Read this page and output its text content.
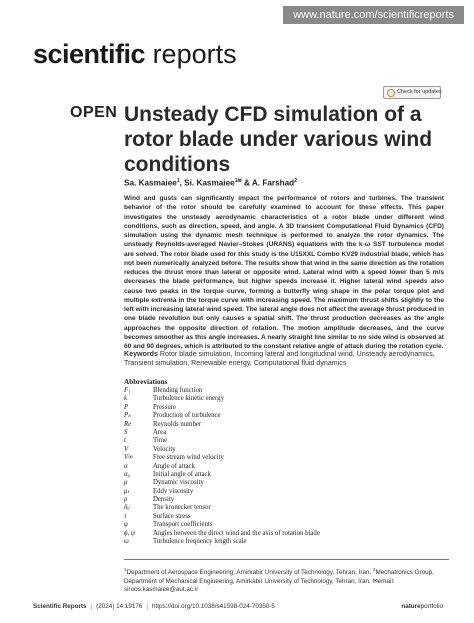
www.nature.com/scientificreports
scientific reports
OPEN
Check for updates
Unsteady CFD simulation of a rotor blade under various wind conditions
Sa. Kasmaiee$^1$, Si. Kasmaiee$^{1✉}$ & A. Farshad$^2$

Wind and gusts can significantly impact the performance of rotors and turbines. The transient behavior of the rotor should be carefully examined to account for these effects. This paper investigates the unsteady aerodynamic characteristics of a rotor blade under different wind conditions, such as direction, speed, and angle. A 3D transient Computational Fluid Dynamics (CFD) simulation using the dynamic mesh technique is performed to analyze the rotor dynamics. The unsteady Reynolds-averaged Navier–Stokes (URANS) equations with the k-ω SST turbulence model are solved. The rotor blade used for this study is the U15XXL Combo KV29 industrial blade, which has not been numerically analyzed before. The results show that wind in the same direction as the rotation reduces the thrust more than lateral or opposite wind. Lateral wind with a speed lower than 5 m/s decreases the blade performance, but higher speeds increase it. Higher lateral wind speeds also cause two peaks in the torque curve, forming a butterfly wing shape in the polar torque plot and multiple extrema in the torque curve with increasing speed. The maximum thrust shifts slightly to the left with increasing lateral wind speed. The lateral angle does not affect the average thrust produced in one blade revolution but only causes a spatial shift. The thrust production decreases as the angle approaches the opposite direction of rotation. The motion amplitude decreases, and the curve becomes smoother as this angle increases. A nearly straight line similar to no side wind is observed at 60 and 90 degrees, which is attributed to the constant relative angle of attack during the rotation cycle.

Keywords Rotor blade simulation, Incoming lateral and longitudinal wind, Unsteady aerodynamics, Transient simulation, Renewable energy, Computational fluid dynamics
Abbreviations
F₁	Blending function
k	Turbulence kinetic energy
P	Pressure
Pₖ	Production of turbulence
Re	Reynolds number
S	Area
t	Time
V	Velocity
V∞	Free stream wind velocity
α	Angle of attack
α₀	Initial angle of attack
μ	Dynamic viscosity
μₜ	Eddy viscosity
ρ	Density
δᵢⱼ	The kronecker tensor
τ	Surface stress
φ	Transport coefficients
ϕ, ψ	Angles between the direct wind and the axis of rotation blade
ω	Turbulence frequency length scale
$^1$Department of Aerospace Engineering, Amirkabir University of Technology, Tehran, Iran. $^2$Mechatronics Group, Department of Mechanical Engineering, Amirkabir University of Technology, Tehran, Iran. ✉email: siroos.kasmaiee@aut.ac.ir
Scientific Reports | (2024) 14:19176 | https://doi.org/10.1038/s41598-024-70350-5	natureportfolio
